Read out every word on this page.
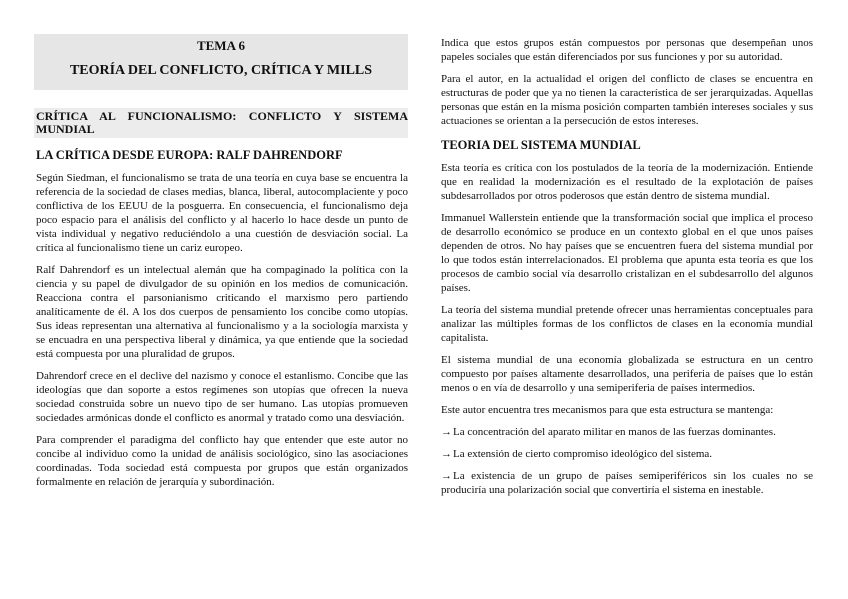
TEMA 6
TEORÍA DEL CONFLICTO, CRÍTICA Y MILLS
CRÍTICA AL FUNCIONALISMO: CONFLICTO Y SISTEMA MUNDIAL
LA CRÍTICA DESDE EUROPA: RALF DAHRENDORF

Según Siedman, el funcionalismo se trata de una teoría en cuya base se encuentra la referencia de la sociedad de clases medias, blanca, liberal, autocomplaciente y poco conflictiva de los EEUU de la posguerra. En consecuencia, el funcionalismo deja poco espacio para el análisis del conflicto y al hacerlo lo hace desde un punto de vista individual y negativo reduciéndolo a una cuestión de desviación social. La crítica al funcionalismo tiene un cariz europeo.

Ralf Dahrendorf es un intelectual alemán que ha compaginado la política con la ciencia y su papel de divulgador de su opinión en los medios de comunicación. Reacciona contra el parsonianismo criticando el marxismo pero partiendo analíticamente de él. A los dos cuerpos de pensamiento los concibe como utopías. Sus ideas representan una alternativa al funcionalismo y a la sociología marxista y se encuadra en una perspectiva liberal y dinámica, ya que entiende que la sociedad está compuesta por una pluralidad de grupos.

Dahrendorf crece en el declive del nazismo y conoce el estanlismo. Concibe que las ideologías que dan soporte a estos regímenes son utopías que ofrecen la nueva sociedad construida sobre un nuevo tipo de ser humano. Las utopías promueven sociedades armónicas donde el conflicto es anormal y tratado como una desviación.

Para comprender el paradigma del conflicto hay que entender que este autor no concibe al individuo como la unidad de análisis sociológico, sino las asociaciones coordinadas. Toda sociedad está compuesta por grupos que están organizados formalmente en relación de jerarquía y subordinación.

Indica que estos grupos están compuestos por personas que desempeñan unos papeles sociales que están diferenciados por sus funciones y por su autoridad.

Para el autor, en la actualidad el origen del conflicto de clases se encuentra en estructuras de poder que ya no tienen la característica de ser jerarquizadas. Aquellas personas que están en la misma posición comparten también intereses sociales y sus actuaciones se orientan a la persecución de estos intereses.

TEORIA DEL SISTEMA MUNDIAL

Esta teoría es crítica con los postulados de la teoría de la modernización. Entiende que en realidad la modernización es el resultado de la explotación de países subdesarrollados por otros poderosos que están dentro de sistema mundial.

Immanuel Wallerstein entiende que la transformación social que implica el proceso de desarrollo económico se produce en un contexto global en el que unos países dependen de otros. No hay países que se encuentren fuera del sistema mundial por lo que todos están interrelacionados. El problema que apunta esta teoría es que los procesos de cambio social vía desarrollo cristalizan en el subdesarrollo del algunos países.

La teoría del sistema mundial pretende ofrecer unas herramientas conceptuales para analizar las múltiples formas de los conflictos de clases en la economía mundial capitalista.

El sistema mundial de una economía globalizada se estructura en un centro compuesto por países altamente desarrollados, una periferia de países que lo están menos o en vía de desarrollo y una semiperiferia de países intermedios.

Este autor encuentra tres mecanismos para que esta estructura se mantenga:

→La concentración del aparato militar en manos de las fuerzas dominantes.

→La extensión de cierto compromiso ideológico del sistema.

→La existencia de un grupo de países semiperiféricos sin los cuales no se produciría una polarización social que convertiría el sistema en inestable.
